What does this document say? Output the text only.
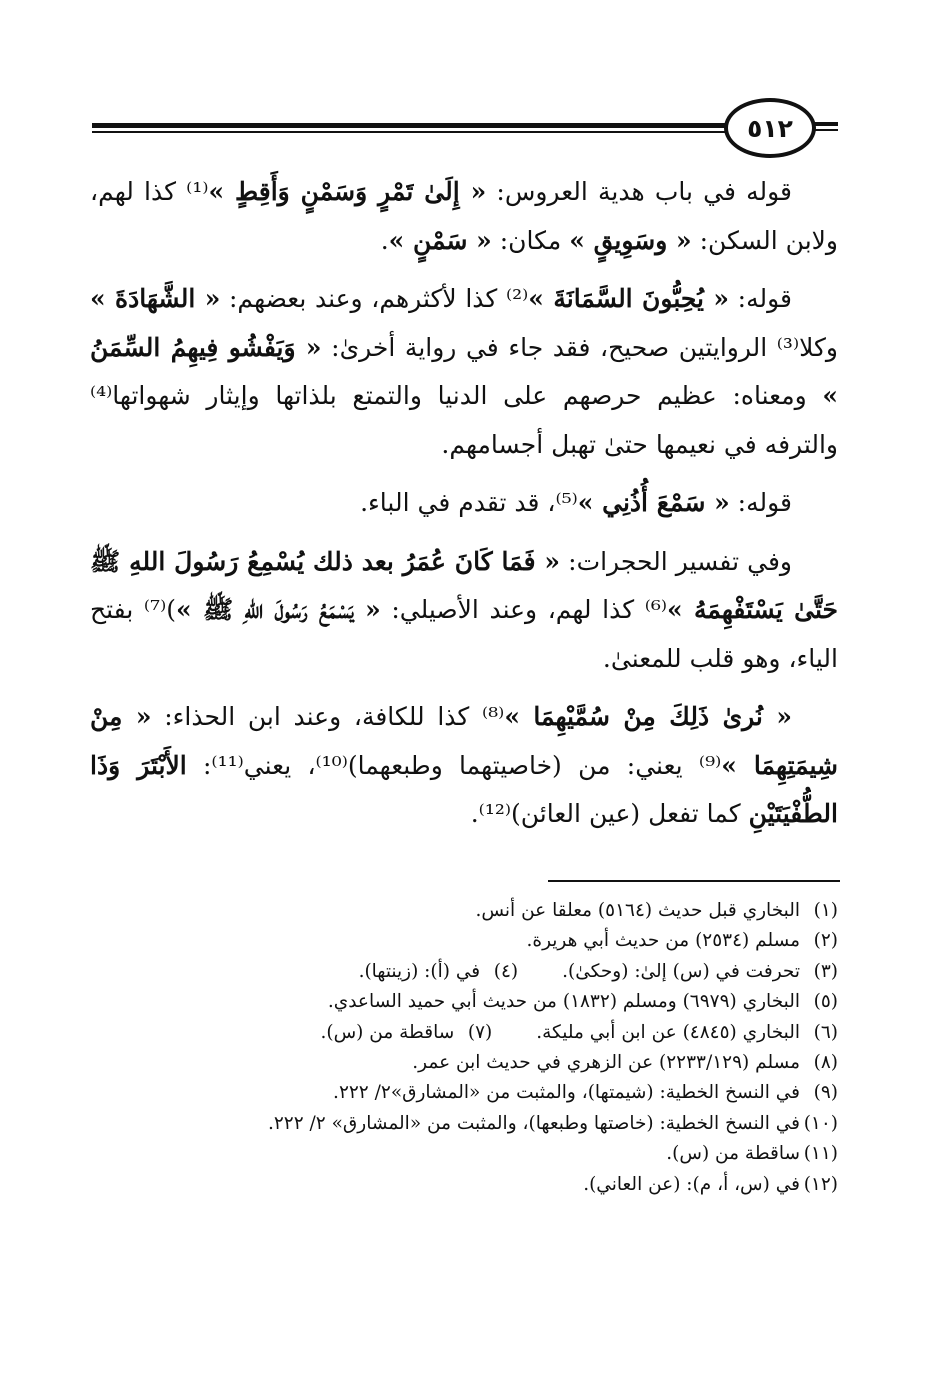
٥١٢

قوله في باب هدية العروس: « إِلَىٰ تَمْرٍ وَسَمْنٍ وَأَقِطٍ »⁽¹⁾ كذا لهم، ولابن السكن: « وسَوِيقٍ » مكان: « سَمْنٍ ».

قوله: « يُحِبُّونَ السَّمَانَةَ »⁽²⁾ كذا لأكثرهم، وعند بعضهم: « الشَّهَادَةَ » وكلا⁽³⁾ الروايتين صحيح، فقد جاء في رواية أخرىٰ: « وَيَفْشُو فِيهِمُ السِّمَنُ » ومعناه: عظيم حرصهم على الدنيا والتمتع بلذاتها وإيثار شهواتها⁽⁴⁾ والترفه في نعيمها حتىٰ تهبل أجسامهم.

قوله: « سَمْعَ أُذُنِي »⁽⁵⁾، قد تقدم في الباء.

وفي تفسير الحجرات: « فَمَا كَانَ عُمَرُ بعد ذلك يُسْمِعُ رَسُولَ اللهِ ﷺ حَتَّىٰ يَسْتَفْهِمَهُ »⁽⁶⁾ كذا لهم، وعند الأصيلي: « يَسْمَعُ رَسُولَ اللهِ ﷺ »)⁽⁷⁾ بفتح الياء، وهو قلب للمعنىٰ.

« نُرىٰ ذَلِكَ مِنْ سُمَّيْهِمَا »⁽⁸⁾ كذا للكافة، وعند ابن الحذاء: « مِنْ شِيمَتِهِمَا »⁽⁹⁾ يعني: من (خاصيتهما وطبعهما)⁽¹⁰⁾، يعني⁽¹¹⁾: الأَبْتَرَ وَذَا الطُّفْيَتَيْنِ كما تفعل (عين العائن)⁽¹²⁾.

(١)البخاري قبل حديث (٥١٦٤) معلقا عن أنس.
(٢)مسلم (٢٥٣٤) من حديث أبي هريرة.
(٣)تحرفت في (س) إلىٰ: (وحكىٰ).(٤)في (أ): (زينتها).
(٥)البخاري (٦٩٧٩) ومسلم (١٨٣٢) من حديث أبي حميد الساعدي.
(٦)البخاري (٤٨٤٥) عن ابن أبي مليكة.(٧)ساقطة من (س).
(٨)مسلم (٢٢٣٣/١٢٩) عن الزهري في حديث ابن عمر.
(٩)في النسخ الخطية: (شيمتها)، والمثبت من «المشارق»٢/ ٢٢٢.
(١٠)في النسخ الخطية: (خاصتها وطبعها)، والمثبت من «المشارق» ٢/ ٢٢٢.
(١١)ساقطة من (س).
(١٢)في (س، أ، م): (عن العاني).
